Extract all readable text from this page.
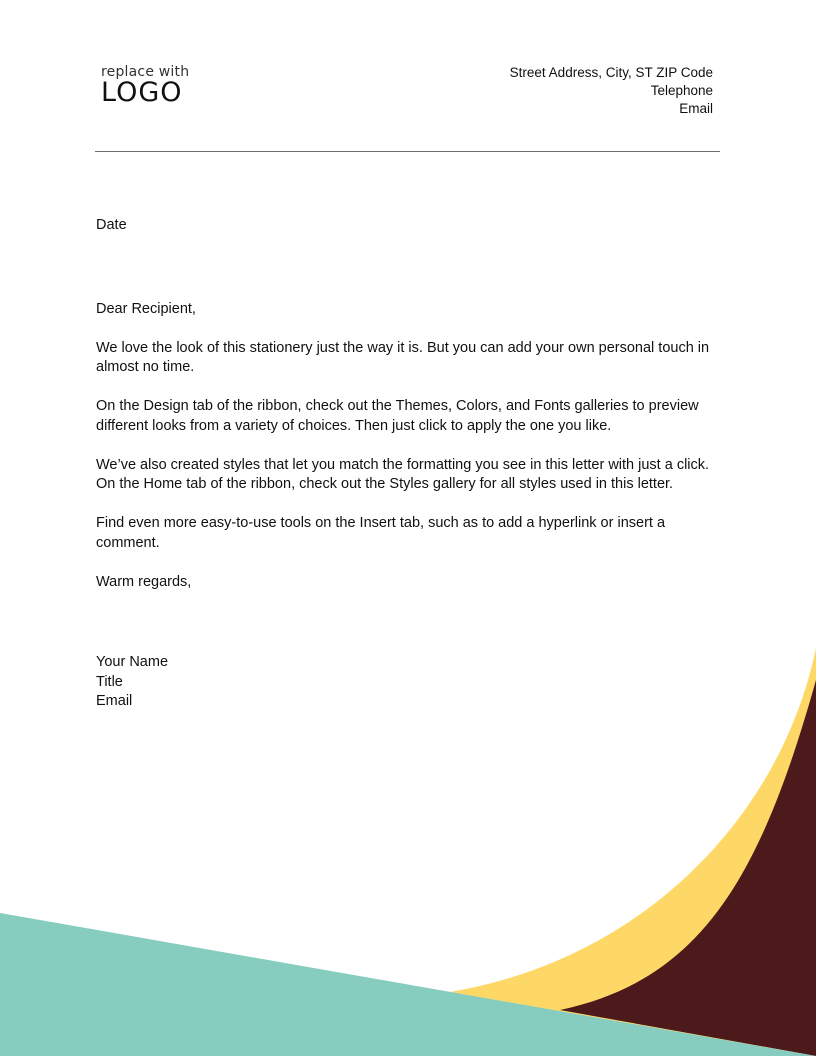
replace with
LOGO
Street Address, City, ST ZIP Code
Telephone
Email

Date

Dear Recipient,

We love the look of this stationery just the way it is. But you can add your own personal touch in almost no time.

On the Design tab of the ribbon, check out the Themes, Colors, and Fonts galleries to preview different looks from a variety of choices. Then just click to apply the one you like.

We’ve also created styles that let you match the formatting you see in this letter with just a click. On the Home tab of the ribbon, check out the Styles gallery for all styles used in this letter.

Find even more easy-to-use tools on the Insert tab, such as to add a hyperlink or insert a comment.

Warm regards,

Your Name

Title

Email
